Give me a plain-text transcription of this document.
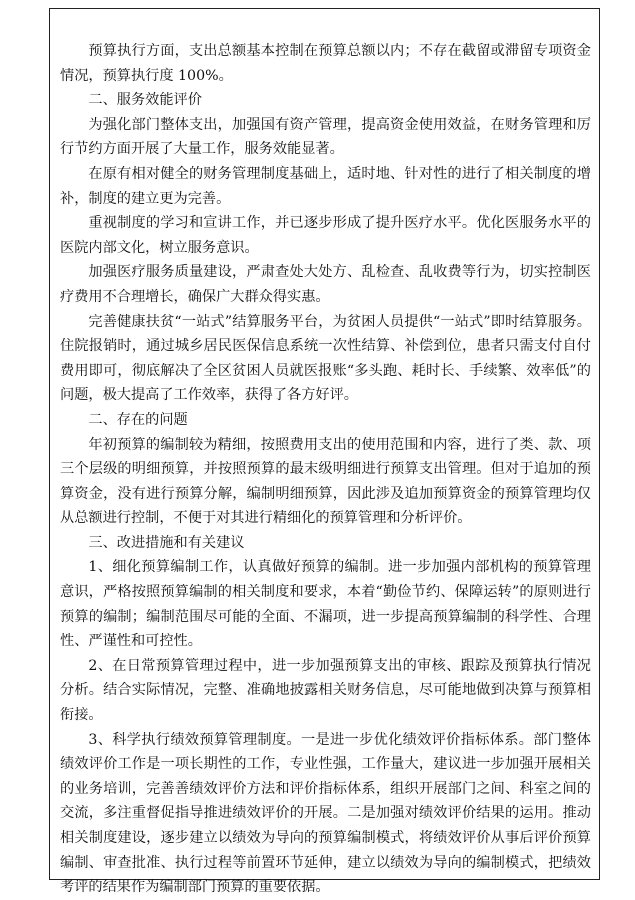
预算执行方面，支出总额基本控制在预算总额以内；不存在截留或滞留专项资金情况，预算执行度 100%。

二、服务效能评价

为强化部门整体支出，加强国有资产管理，提高资金使用效益，在财务管理和厉行节约方面开展了大量工作，服务效能显著。

在原有相对健全的财务管理制度基础上，适时地、针对性的进行了相关制度的增补，制度的建立更为完善。

重视制度的学习和宣讲工作，并已逐步形成了提升医疗水平。优化医服务水平的医院内部文化，树立服务意识。

加强医疗服务质量建设，严肃查处大处方、乱检查、乱收费等行为，切实控制医疗费用不合理增长，确保广大群众得实惠。

完善健康扶贫“一站式”结算服务平台，为贫困人员提供“一站式”即时结算服务。住院报销时，通过城乡居民医保信息系统一次性结算、补偿到位，患者只需支付自付费用即可，彻底解决了全区贫困人员就医报账“多头跑、耗时长、手续繁、效率低”的问题，极大提高了工作效率，获得了各方好评。

二、存在的问题

年初预算的编制较为精细，按照费用支出的使用范围和内容，进行了类、款、项三个层级的明细预算，并按照预算的最末级明细进行预算支出管理。但对于追加的预算资金，没有进行预算分解，编制明细预算，因此涉及追加预算资金的预算管理均仅从总额进行控制，不便于对其进行精细化的预算管理和分析评价。

三、改进措施和有关建议

1、细化预算编制工作，认真做好预算的编制。进一步加强内部机构的预算管理意识，严格按照预算编制的相关制度和要求，本着“勤俭节约、保障运转”的原则进行预算的编制；编制范围尽可能的全面、不漏项，进一步提高预算编制的科学性、合理性、严谨性和可控性。

2、在日常预算管理过程中，进一步加强预算支出的审核、跟踪及预算执行情况分析。结合实际情况，完整、准确地披露相关财务信息，尽可能地做到决算与预算相衔接。

3、科学执行绩效预算管理制度。一是进一步优化绩效评价指标体系。部门整体绩效评价工作是一项长期性的工作，专业性强，工作量大，建议进一步加强开展相关的业务培训，完善善绩效评价方法和评价指标体系，组织开展部门之间、科室之间的交流，多注重督促指导推进绩效评价的开展。二是加强对绩效评价结果的运用。推动相关制度建设，逐步建立以绩效为导向的预算编制模式，将绩效评价从事后评价预算编制、审查批准、执行过程等前置环节延伸，建立以绩效为导向的编制模式，把绩效考评的结果作为编制部门预算的重要依据。
